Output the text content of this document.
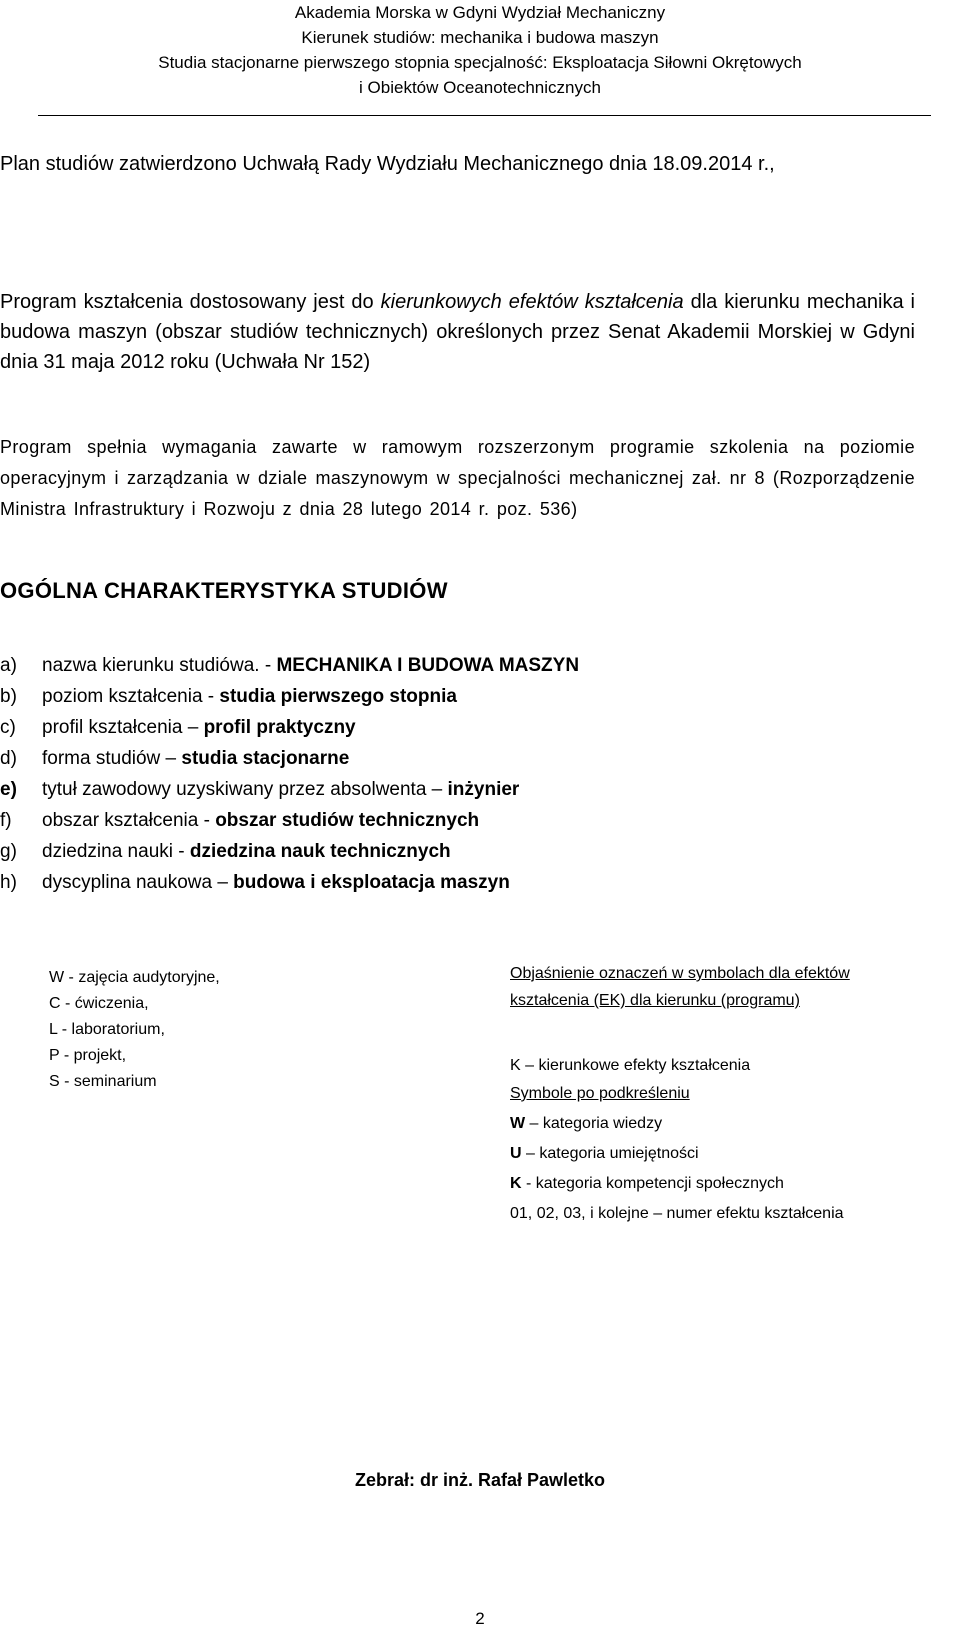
Akademia Morska w Gdyni Wydział Mechaniczny
Kierunek studiów: mechanika i budowa maszyn
Studia stacjonarne pierwszego stopnia specjalność: Eksploatacja Siłowni Okrętowych
i Obiektów Oceanotechnicznych
Plan studiów zatwierdzono Uchwałą Rady Wydziału Mechanicznego dnia 18.09.2014 r.,

Program kształcenia dostosowany jest do kierunkowych efektów kształcenia dla kierunku mechanika i budowa maszyn (obszar studiów technicznych) określonych przez Senat Akademii Morskiej w Gdyni dnia 31 maja 2012 roku (Uchwała Nr 152)

Program spełnia wymagania zawarte w ramowym rozszerzonym programie szkolenia na poziomie operacyjnym i zarządzania w dziale maszynowym w specjalności mechanicznej zał. nr 8 (Rozporządzenie Ministra Infrastruktury i Rozwoju z dnia 28 lutego 2014 r. poz. 536)

OGÓLNA CHARAKTERYSTYKA STUDIÓW
a) nazwa kierunku studiówa. - MECHANIKA I BUDOWA MASZYN
b) poziom kształcenia - studia pierwszego stopnia
c) profil kształcenia – profil praktyczny
d) forma studiów – studia stacjonarne
e) tytuł zawodowy uzyskiwany przez absolwenta – inżynier
f) obszar kształcenia - obszar studiów technicznych
g) dziedzina nauki - dziedzina nauk technicznych
h) dyscyplina naukowa – budowa i eksploatacja maszyn
W - zajęcia audytoryjne,
C - ćwiczenia,
L - laboratorium,
P - projekt,
S - seminarium
Objaśnienie oznaczeń w symbolach dla efektów
kształcenia (EK) dla kierunku (programu)
K – kierunkowe efekty kształcenia
Symbole po podkreśleniu
W – kategoria wiedzy
U – kategoria umiejętności
K - kategoria kompetencji społecznych
01, 02, 03, i kolejne – numer efektu kształcenia
Zebrał: dr inż. Rafał Pawletko
2
